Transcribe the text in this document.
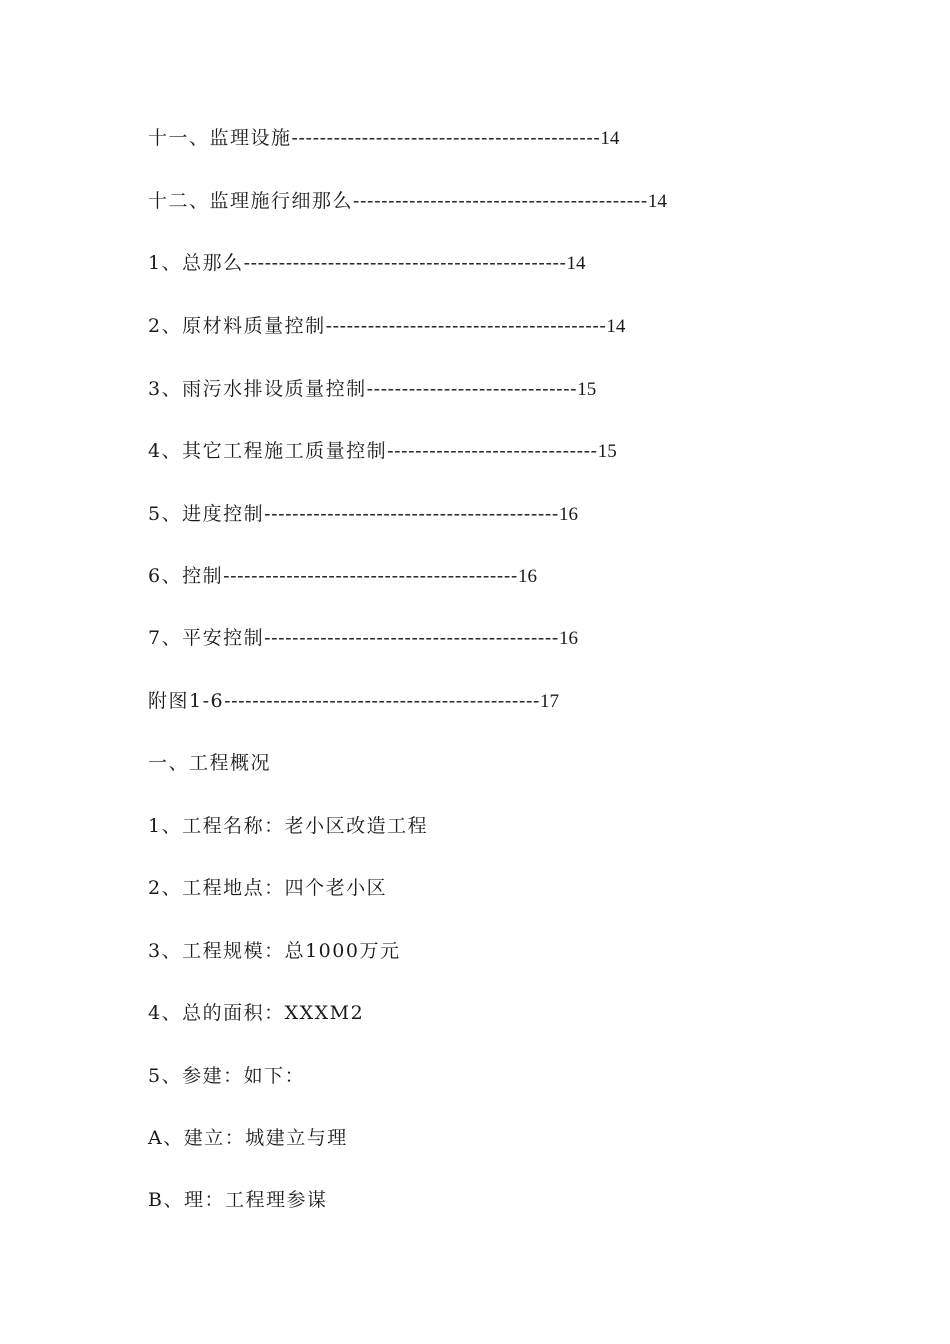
十一、监理设施--------------------------------------------14
十二、监理施行细那么------------------------------------------14
1、总那么----------------------------------------------14
2、原材料质量控制----------------------------------------14
3、雨污水排设质量控制------------------------------15
4、其它工程施工质量控制------------------------------15
5、进度控制------------------------------------------16
6、控制------------------------------------------16
7、平安控制------------------------------------------16
附图1-6---------------------------------------------17
一、工程概况
1、工程名称：老小区改造工程
2、工程地点：四个老小区
3、工程规模：总1000万元
4、总的面积：XXXM2
5、参建：如下：
A、建立：城建立与理
B、理：工程理参谋
